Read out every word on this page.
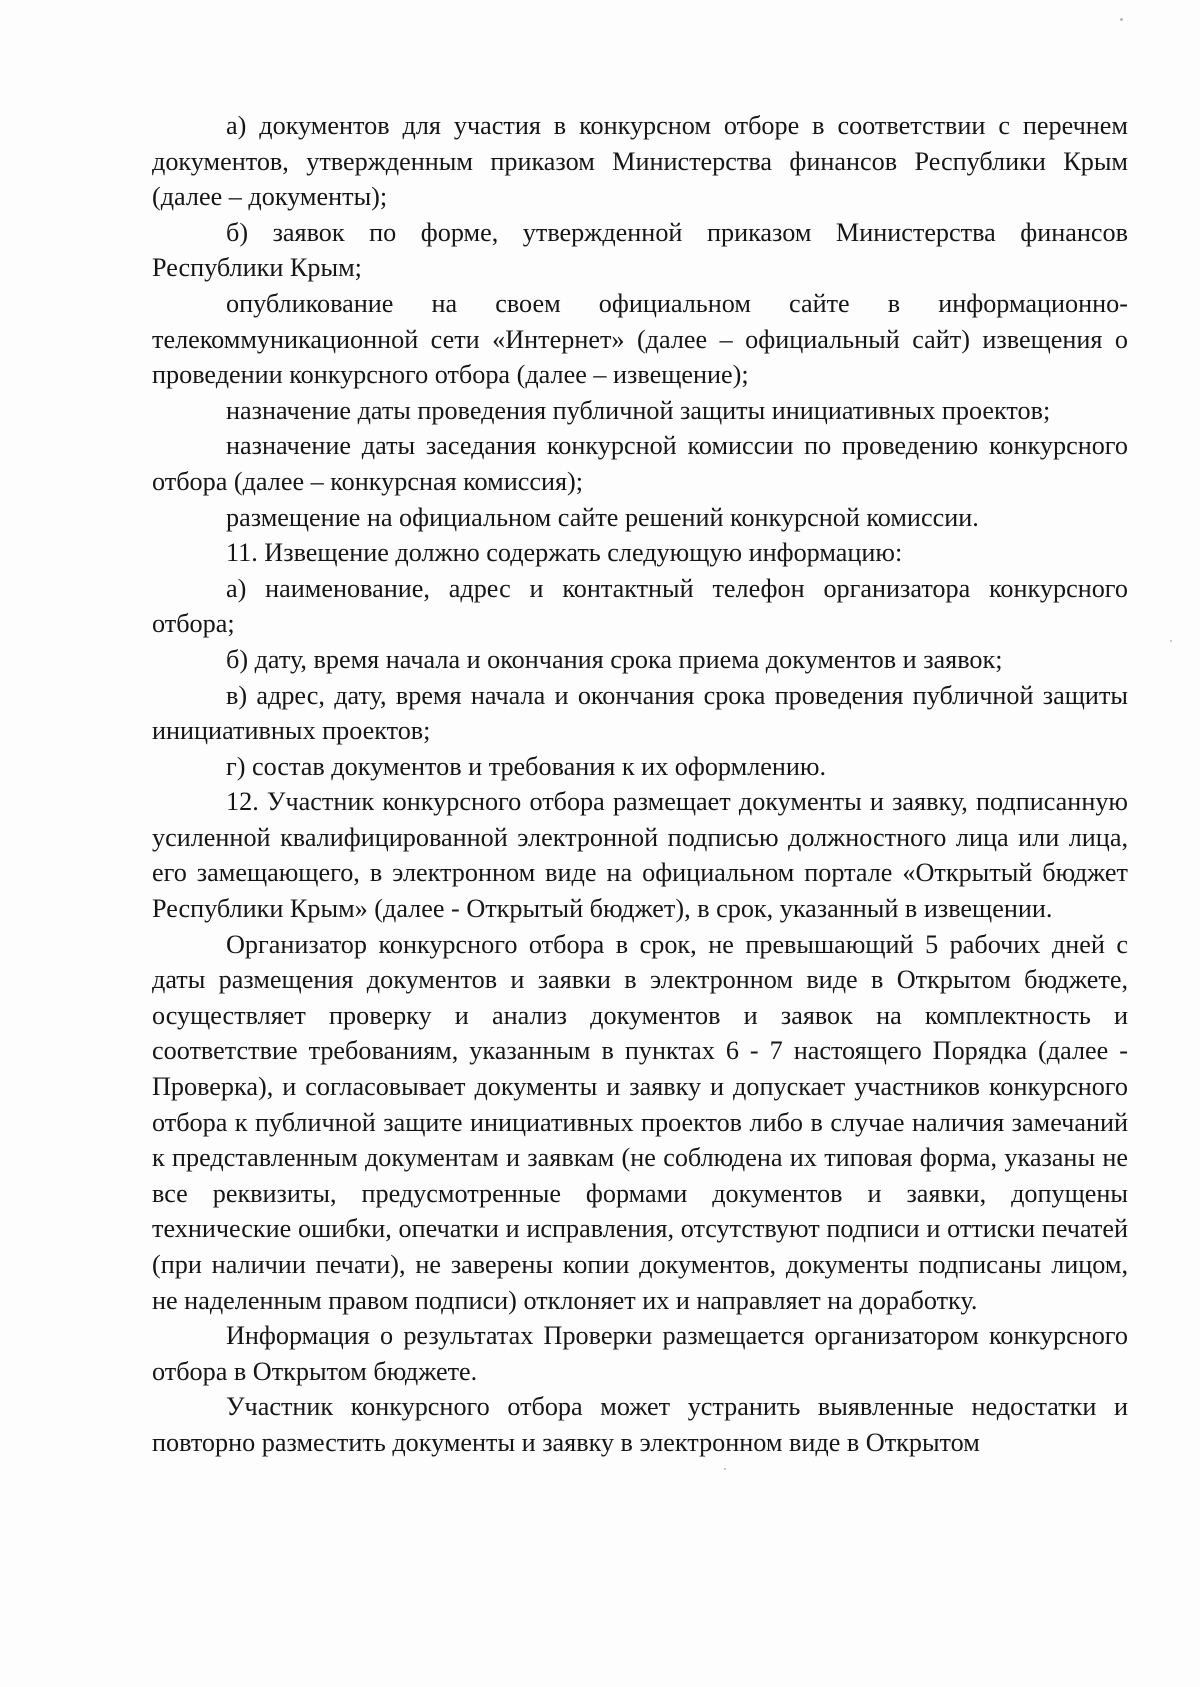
а) документов для участия в конкурсном отборе в соответствии с перечнем документов, утвержденным приказом Министерства финансов Республики Крым (далее – документы);

б) заявок по форме, утвержденной приказом Министерства финансов Республики Крым;

опубликование на своем официальном сайте в информационно-телекоммуникационной сети «Интернет» (далее – официальный сайт) извещения о проведении конкурсного отбора (далее – извещение);

назначение даты проведения публичной защиты инициативных проектов;

назначение даты заседания конкурсной комиссии по проведению конкурсного отбора (далее – конкурсная комиссия);

размещение на официальном сайте решений конкурсной комиссии.

11. Извещение должно содержать следующую информацию:

а) наименование, адрес и контактный телефон организатора конкурсного отбора;

б) дату, время начала и окончания срока приема документов и заявок;

в) адрес, дату, время начала и окончания срока проведения публичной защиты инициативных проектов;

г) состав документов и требования к их оформлению.

12. Участник конкурсного отбора размещает документы и заявку, подписанную усиленной квалифицированной электронной подписью должностного лица или лица, его замещающего, в электронном виде на официальном портале «Открытый бюджет Республики Крым» (далее - Открытый бюджет), в срок, указанный в извещении.

Организатор конкурсного отбора в срок, не превышающий 5 рабочих дней с даты размещения документов и заявки в электронном виде в Открытом бюджете, осуществляет проверку и анализ документов и заявок на комплектность и соответствие требованиям, указанным в пунктах 6 - 7 настоящего Порядка (далее - Проверка), и согласовывает документы и заявку и допускает участников конкурсного отбора к публичной защите инициативных проектов либо в случае наличия замечаний к представленным документам и заявкам (не соблюдена их типовая форма, указаны не все реквизиты, предусмотренные формами документов и заявки, допущены технические ошибки, опечатки и исправления, отсутствуют подписи и оттиски печатей (при наличии печати), не заверены копии документов, документы подписаны лицом, не наделенным правом подписи) отклоняет их и направляет на доработку.

Информация о результатах Проверки размещается организатором конкурсного отбора в Открытом бюджете.

Участник конкурсного отбора может устранить выявленные недостатки и повторно разместить документы и заявку в электронном виде в Открытом
